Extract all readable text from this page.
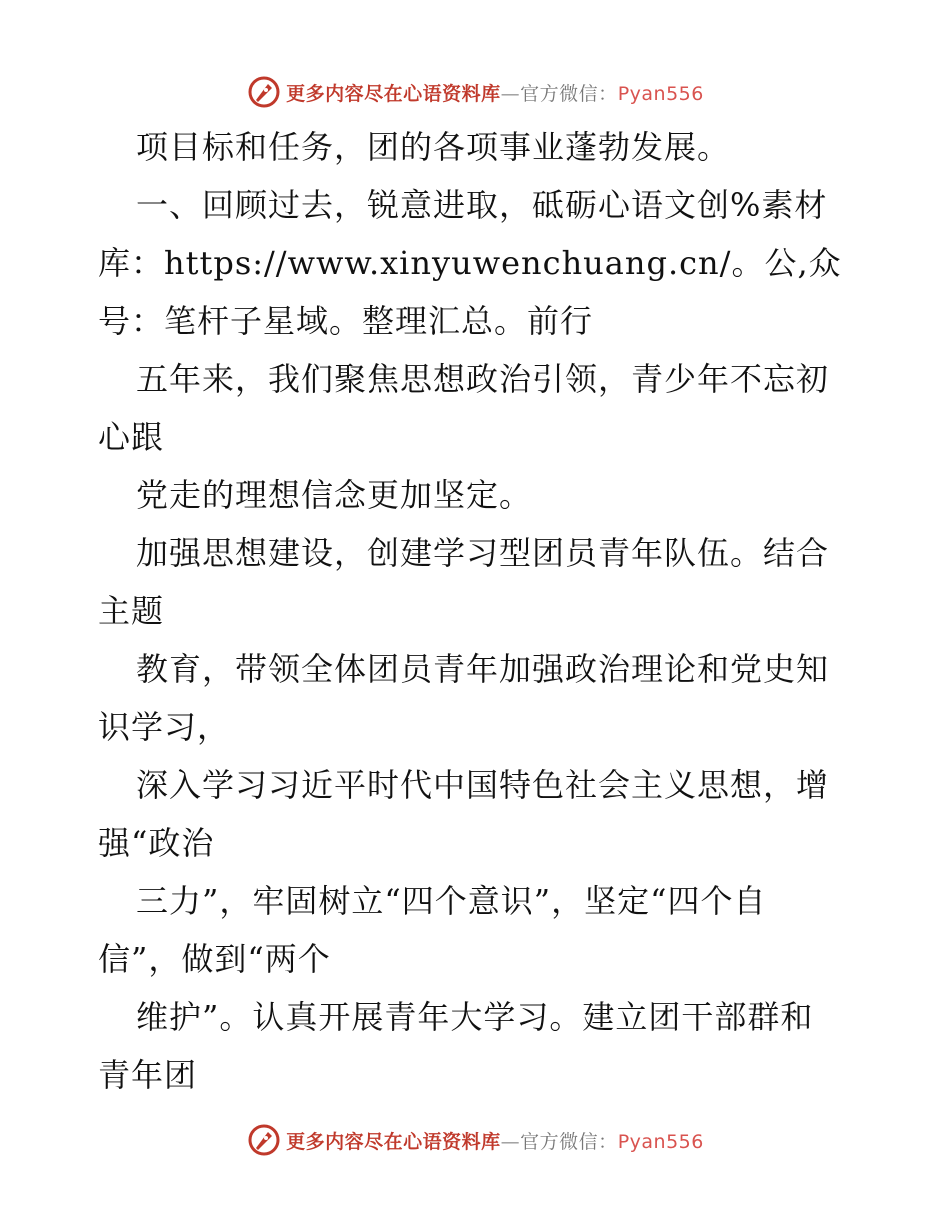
更多内容尽在心语资料库—官方微信：Pyan556

项目标和任务，团的各项事业蓬勃发展。

一、回顾过去，锐意进取，砥砺心语文创%素材

库：https://www.xinyuwenchuang.cn/。公,众

号：笔杆子星域。整理汇总。前行

五年来，我们聚焦思想政治引领，青少年不忘初

心跟

党走的理想信念更加坚定。

加强思想建设，创建学习型团员青年队伍。结合

主题

教育，带领全体团员青年加强政治理论和党史知

识学习，

深入学习习近平时代中国特色社会主义思想，增

强“政治

三力”，牢固树立“四个意识”，坚定“四个自

信”，做到“两个

维护”。认真开展青年大学习。建立团干部群和

青年团

更多内容尽在心语资料库—官方微信：Pyan556
